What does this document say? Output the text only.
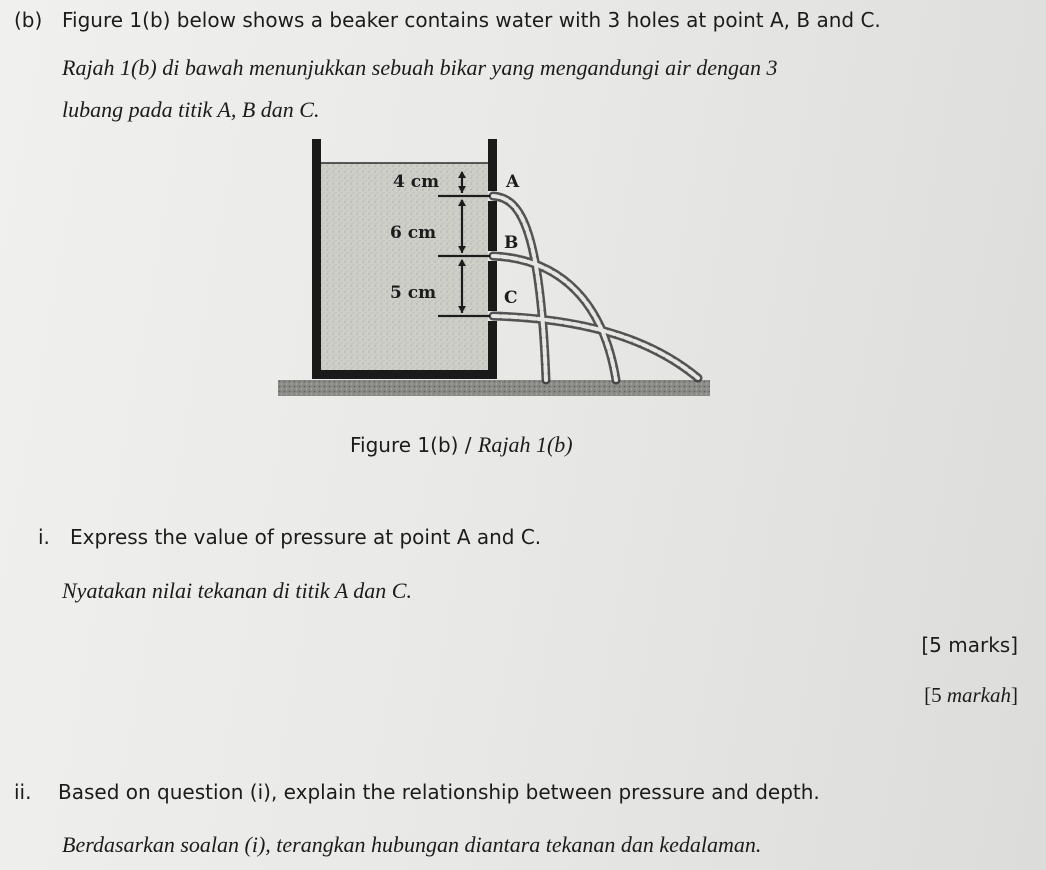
(b) Figure 1(b) below shows a beaker contains water with 3 holes at point A, B and C.
Rajah 1(b) di bawah menunjukkan sebuah bikar yang mengandungi air dengan 3
lubang pada titik A, B dan C.
4 cm
6 cm
5 cm
A
B
C
Figure 1(b) / Rajah 1(b)
i. Express the value of pressure at point A and C.
Nyatakan nilai tekanan di titik A dan C.
[5 marks]
[5 markah]
ii. Based on question (i), explain the relationship between pressure and depth.
Berdasarkan soalan (i), terangkan hubungan diantara tekanan dan kedalaman.
